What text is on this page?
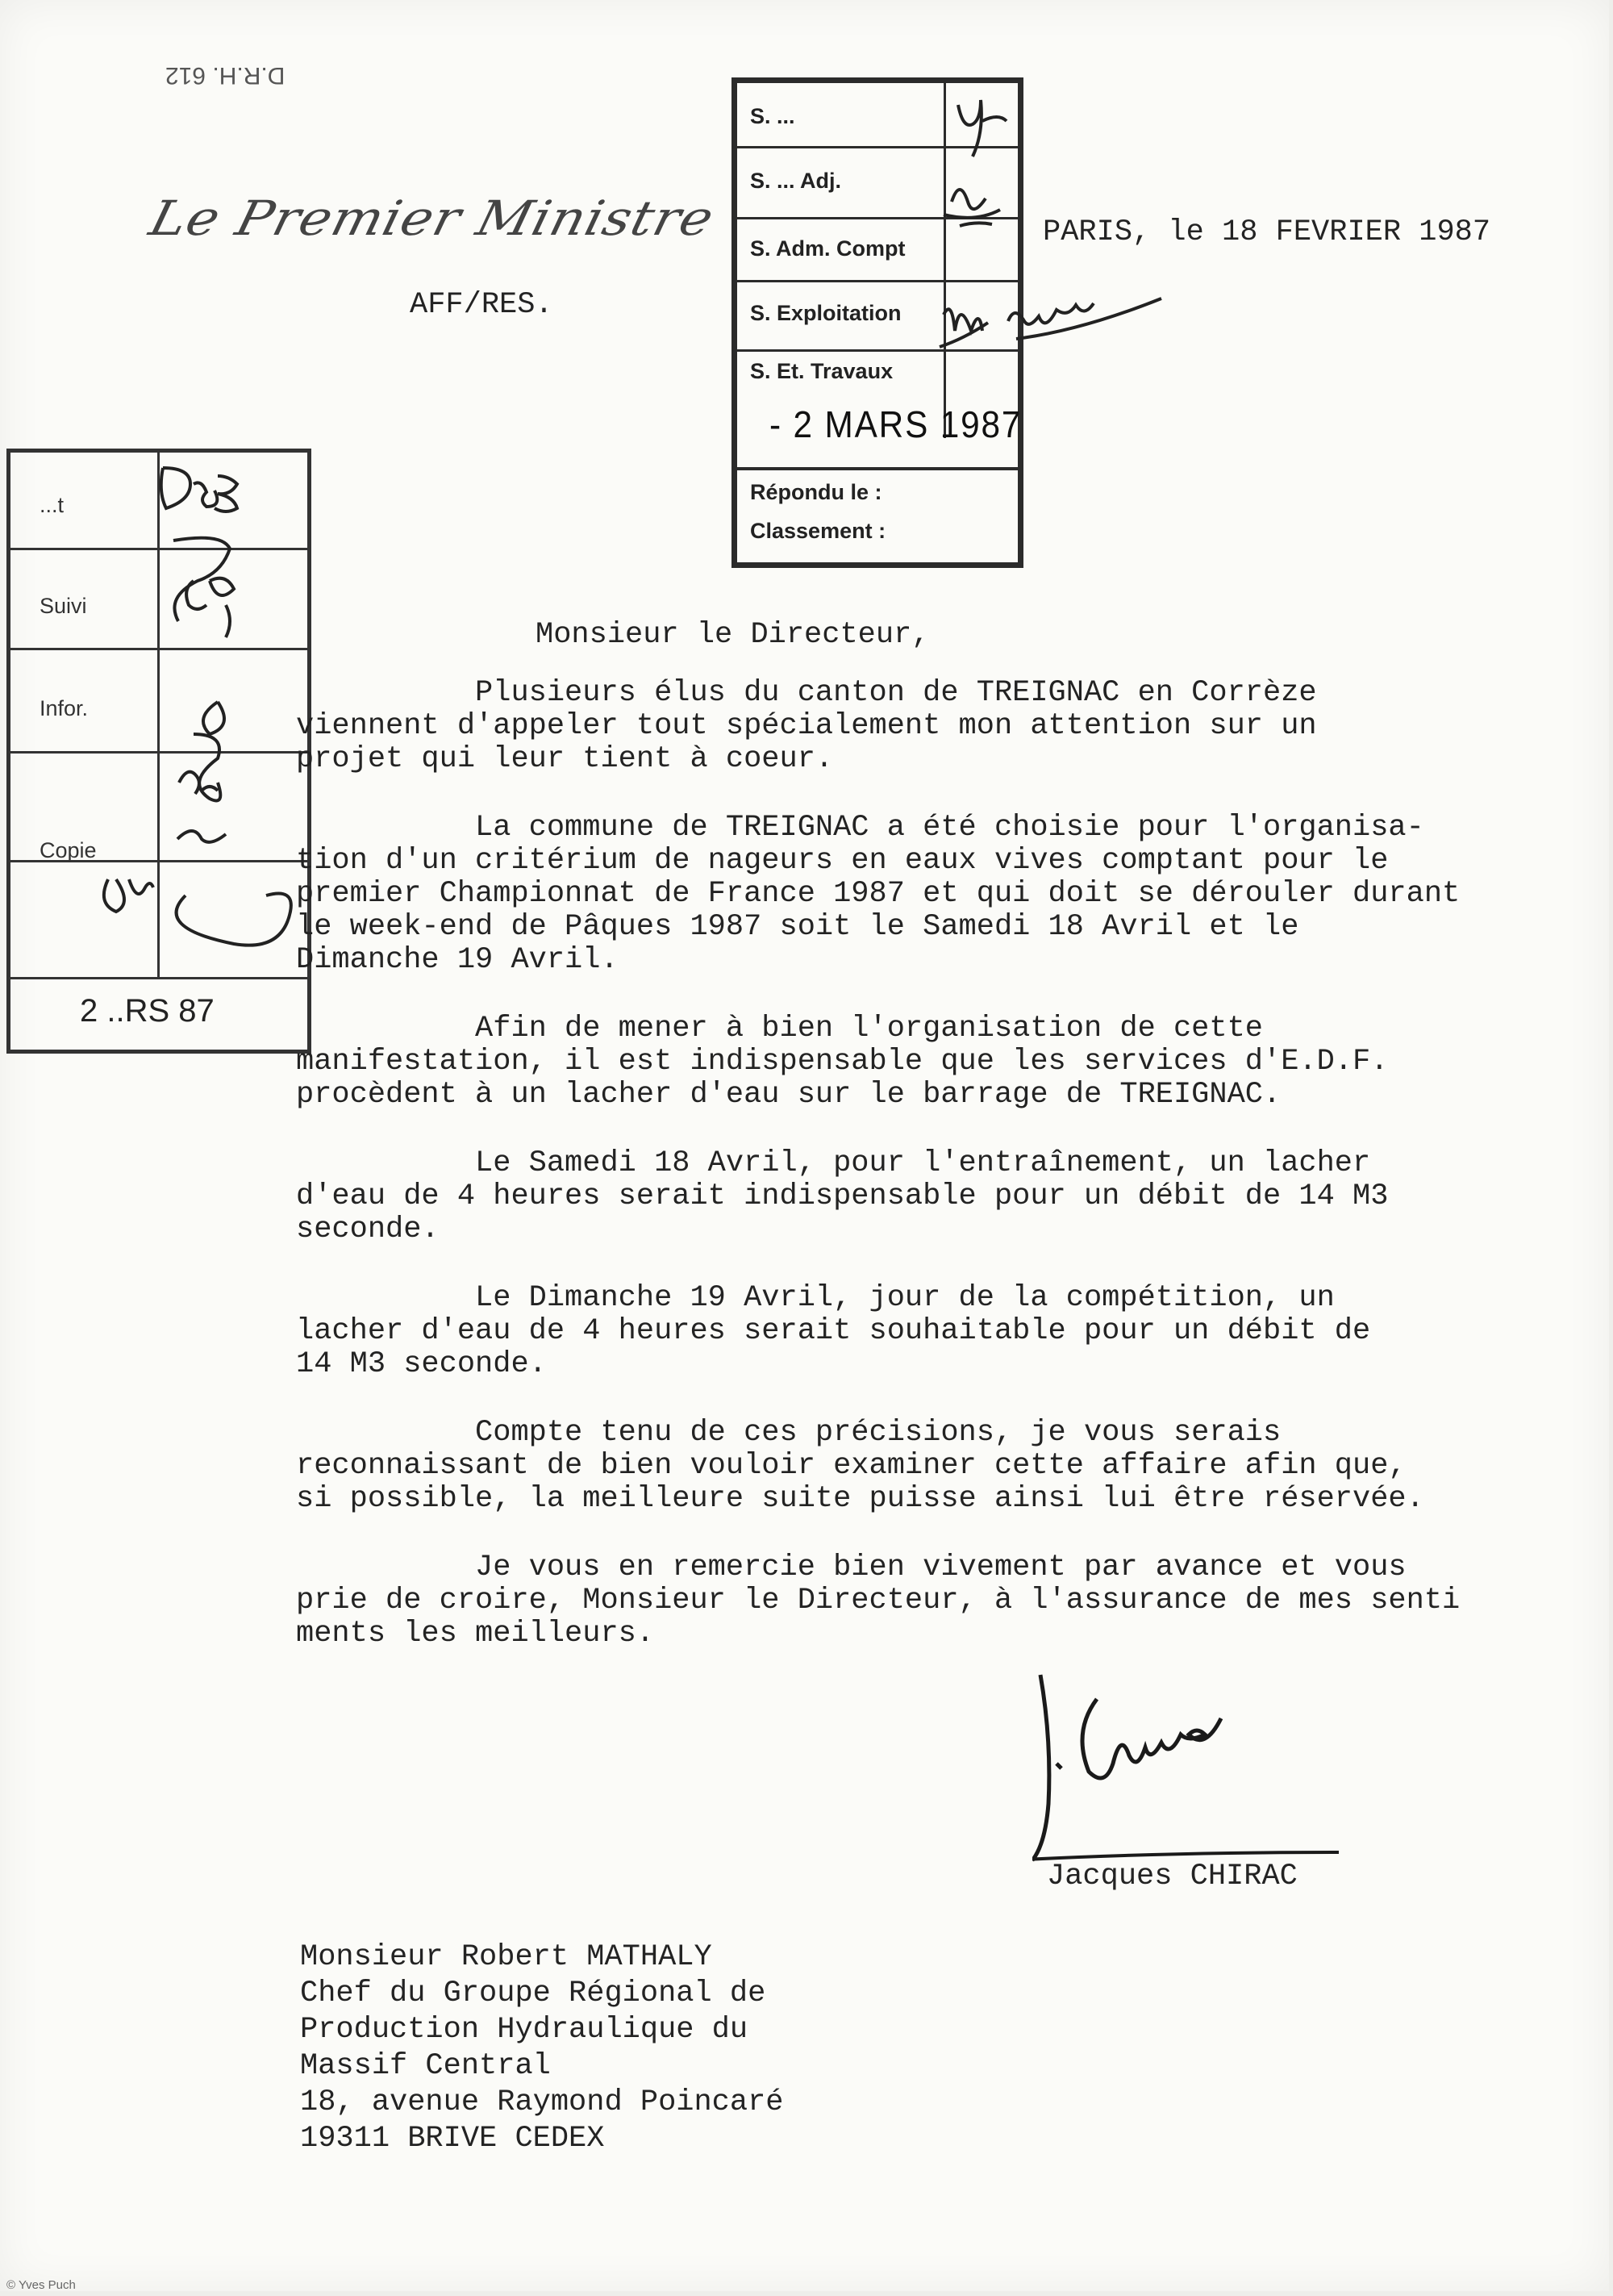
D.R.H. 612
Le Premier Ministre
AFF/RES.
PARIS, le 18 FEVRIER 1987
S. ...
S. ... Adj.
S. Adm. Compt
S. Exploitation
S. Et. Travaux
- 2 MARS 1987
Répondu le :
Classement :
...t
Suivi
Infor.
Copie
2 ..RS 87
Monsieur le Directeur,
Plusieurs élus du canton de TREIGNAC en Corrèze
viennent d'appeler tout spécialement mon attention sur un
projet qui leur tient à coeur.
La commune de TREIGNAC a été choisie pour l'organisa-
tion d'un critérium de nageurs en eaux vives comptant pour le
premier Championnat de France 1987 et qui doit se dérouler durant
le week-end de Pâques 1987 soit le Samedi 18 Avril et le
Dimanche 19 Avril.
Afin de mener à bien l'organisation de cette
manifestation, il est indispensable que les services d'E.D.F.
procèdent à un lacher d'eau sur le barrage de TREIGNAC.
Le Samedi 18 Avril, pour l'entraînement, un lacher
d'eau de 4 heures serait indispensable pour un débit de 14 M3
seconde.
Le Dimanche 19 Avril, jour de la compétition, un
lacher d'eau de 4 heures serait souhaitable pour un débit de
14 M3 seconde.
Compte tenu de ces précisions, je vous serais
reconnaissant de bien vouloir examiner cette affaire afin que,
si possible, la meilleure suite puisse ainsi lui être réservée.
Je vous en remercie bien vivement par avance et vous
prie de croire, Monsieur le Directeur, à l'assurance de mes senti
ments les meilleurs.
Jacques CHIRAC
Monsieur Robert MATHALY
Chef du Groupe Régional de
Production Hydraulique du
Massif Central
18, avenue Raymond Poincaré
19311 BRIVE CEDEX
© Yves Puch
